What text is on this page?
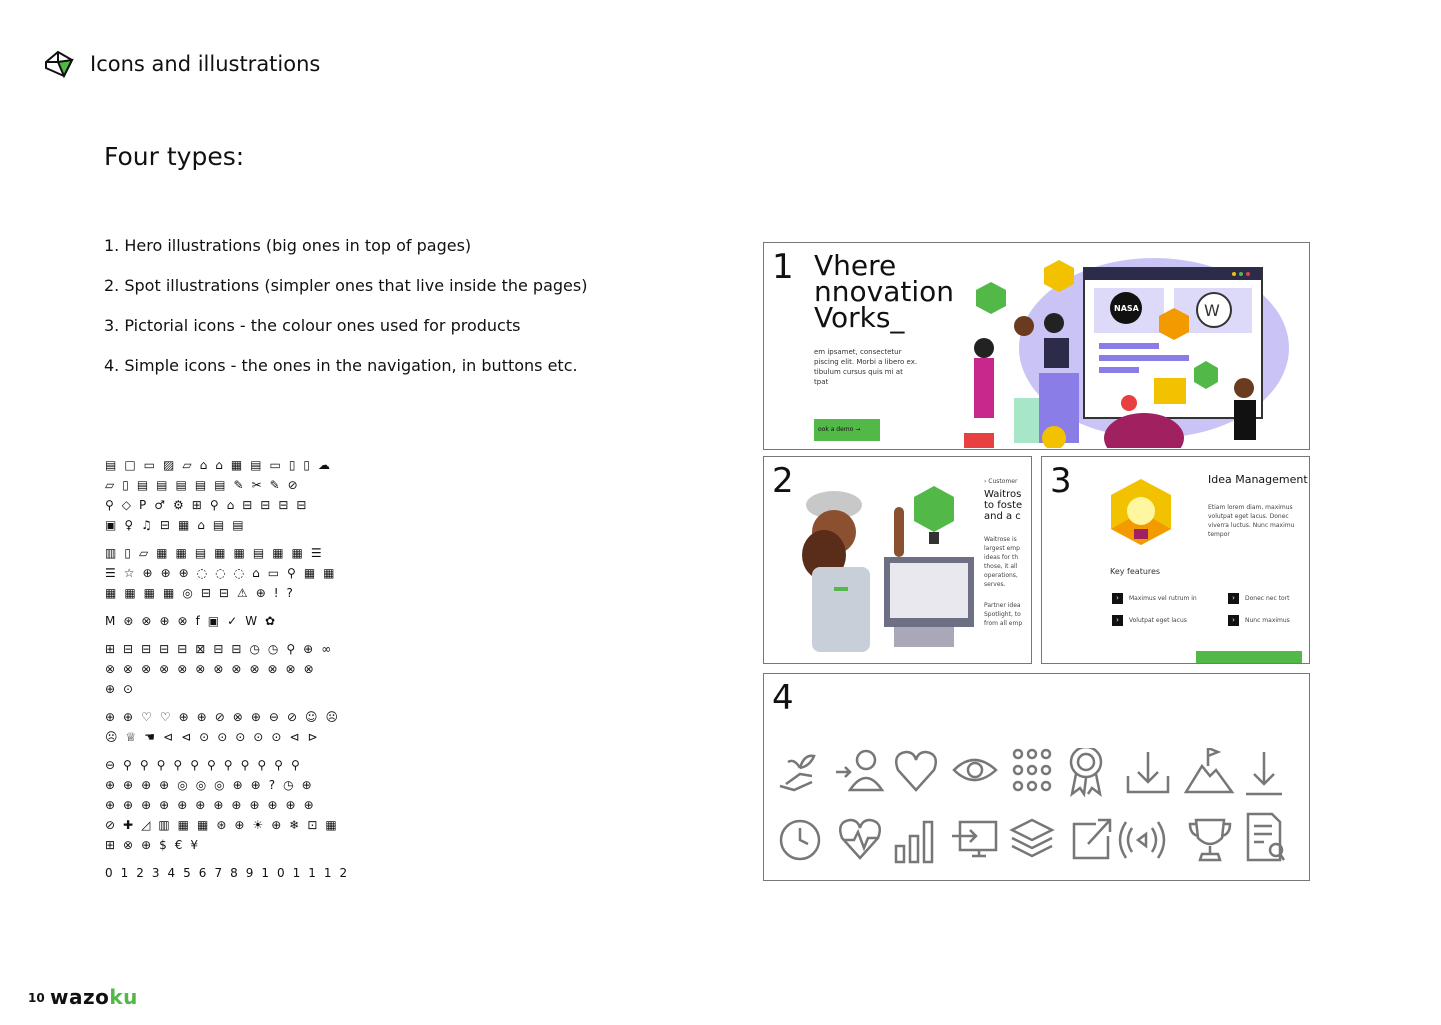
Icons and illustrations
Four types:
1. Hero illustrations (big ones in top of pages)
2. Spot illustrations (simpler ones that live inside the pages)
3. Pictorial icons - the colour ones used for products
4. Simple icons - the ones in the navigation, in buttons etc.
▤□▭▨▱⌂⌂▦▤▭▯▯☁
▱▯▤▤▤▤▤✎✂✎⊘
⚲◇P♂⚙⊞⚲⌂⊟⊟⊟⊟
▣♀♫⊟▦⌂▤▤
▥▯▱▦▦▤▦▦▤▦▦☰
☰☆⊕⊕⊕◌◌◌⌂▭⚲▦▦
▦▦▦▦◎⊟⊟⚠⊕!?
M⊛⊗⊕⊗f▣✓W✿
⊞⊟⊟⊟⊟⊠⊟⊟◷◷⚲⊕∞
⊗⊗⊗⊗⊗⊗⊗⊗⊗⊗⊗⊗
⊕⊙
⊕⊕♡♡⊕⊕⊘⊗⊕⊖⊘☺☹
☹♕☚⊲⊲⊙⊙⊙⊙⊙⊲⊳
⊖⚲⚲⚲⚲⚲⚲⚲⚲⚲⚲⚲
⊕⊕⊕⊕◎◎◎⊕⊕?◷⊕
⊕⊕⊕⊕⊕⊕⊕⊕⊕⊕⊕⊕
⊘✚◿▥▦▦⊛⊕☀⊕❄⊡▦
⊞⊗⊕$€¥
0123456789101112
1 Vhere
nnovation
Vorks_
em ipsamet, consectetur
piscing elit. Morbi a libero ex.
tibulum cursus quis mi at
tpat
ook a demo →
NASA	W
2	› Customer
Waitros
to foste
and a c
Waitrose is
largest emp
ideas for th
those, it all
operations,
serves.
Partner idea
Spotlight, to
from all emp
3	Idea Management
Etiam lorem diam, maximus
volutpat eget lacus. Donec
viverra luctus. Nunc maximu
tempor
Key features
›	Maximus vel rutrum in	›	Donec nec tort
›	Volutpat eget lacus	›	Nunc maximus
4
10 wazoku
